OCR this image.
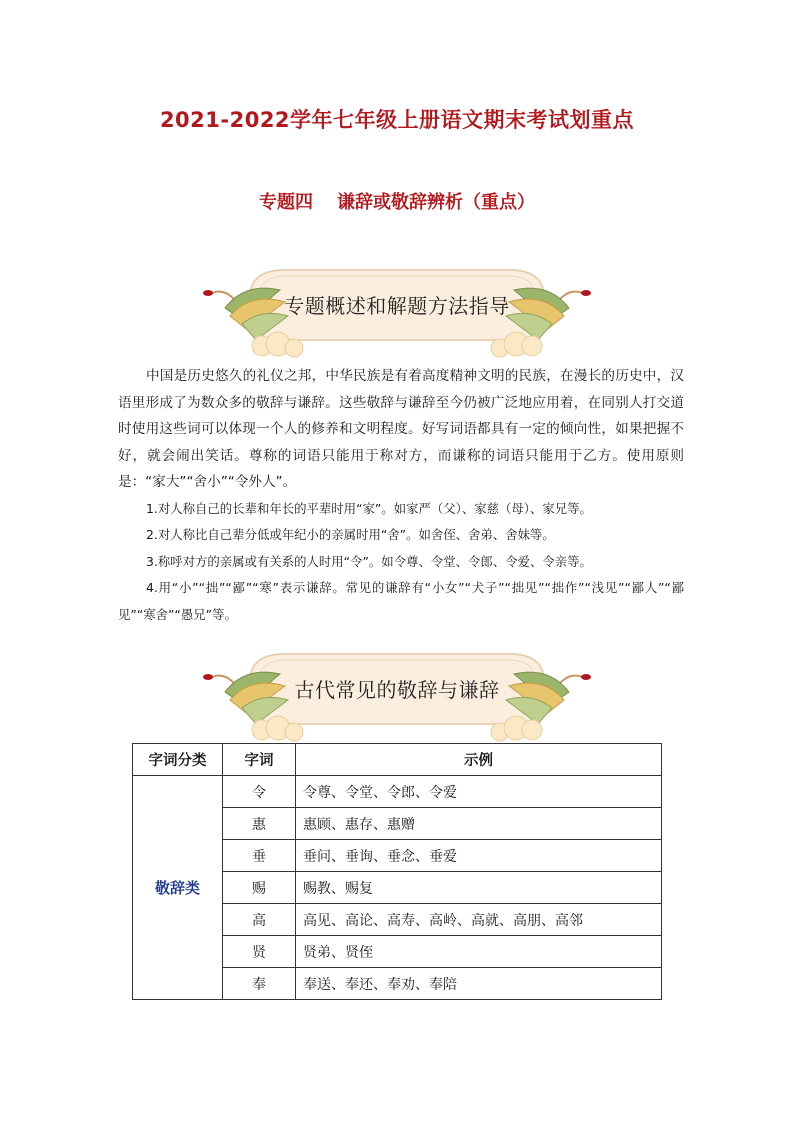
2021-2022学年七年级上册语文期末考试划重点
专题四 谦辞或敬辞辨析（重点）
专题概述和解题方法指导

中国是历史悠久的礼仪之邦，中华民族是有着高度精神文明的民族，在漫长的历史中，汉语里形成了为数众多的敬辞与谦辞。这些敬辞与谦辞至今仍被广泛地应用着，在同别人打交道时使用这些词可以体现一个人的修养和文明程度。好写词语都具有一定的倾向性，如果把握不好，就会闹出笑话。尊称的词语只能用于称对方，而谦称的词语只能用于乙方。使用原则是：“家大”“舍小”“令外人”。

1.对人称自己的长辈和年长的平辈时用“家”。如家严（父）、家慈（母）、家兄等。

2.对人称比自己辈分低或年纪小的亲属时用“舍”。如舍侄、舍弟、舍妹等。

3.称呼对方的亲属或有关系的人时用“令”。如令尊、令堂、令郎、令爱、令亲等。

4.用“小”“拙”“鄙”“寒”表示谦辞。常见的谦辞有“小女”“犬子”“拙见”“拙作”“浅见”“鄙人”“鄙见”“寒舍”“愚兄”等。

古代常见的敬辞与谦辞
字词分类	字词	示例
敬辞类	令	令尊、令堂、令郎、令爱
	惠	惠顾、惠存、惠赠
	垂	垂问、垂询、垂念、垂爱
	赐	赐教、赐复
	高	高见、高论、高寿、高岭、高就、高朋、高邻
	贤	贤弟、贤侄
	奉	奉送、奉还、奉劝、奉陪
